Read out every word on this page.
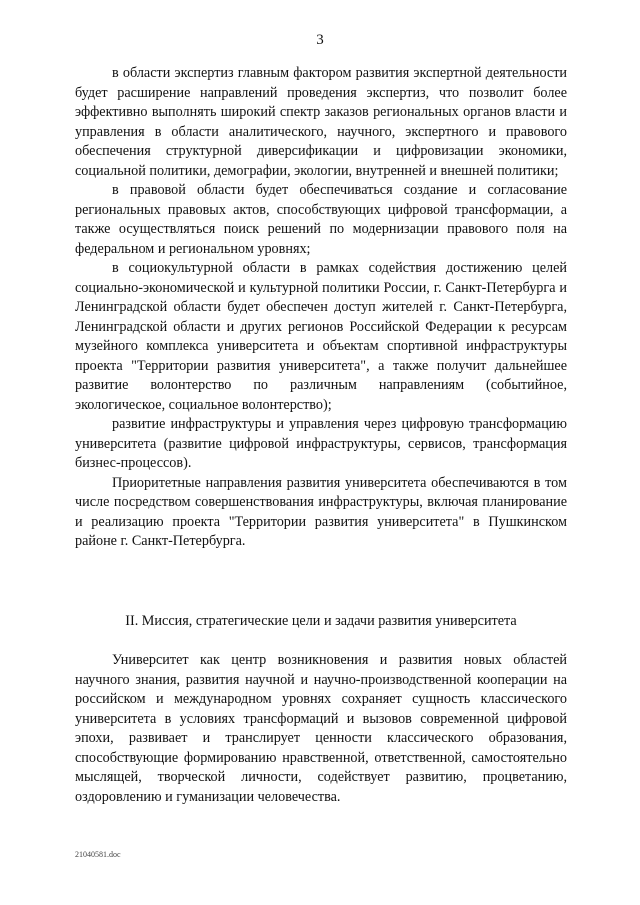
3

в области экспертиз главным фактором развития экспертной деятельности будет расширение направлений проведения экспертиз, что позволит более эффективно выполнять широкий спектр заказов региональных органов власти и управления в области аналитического, научного, экспертного и правового обеспечения структурной диверсификации и цифровизации экономики, социальной политики, демографии, экологии, внутренней и внешней политики;

в правовой области будет обеспечиваться создание и согласование региональных правовых актов, способствующих цифровой трансформации, а также осуществляться поиск решений по модернизации правового поля на федеральном и региональном уровнях;

в социокультурной области в рамках содействия достижению целей социально-экономической и культурной политики России, г. Санкт-Петербурга и Ленинградской области будет обеспечен доступ жителей г. Санкт-Петербурга, Ленинградской области и других регионов Российской Федерации к ресурсам музейного комплекса университета и объектам спортивной инфраструктуры проекта "Территории развития университета", а также получит дальнейшее развитие волонтерство по различным направлениям (событийное, экологическое, социальное волонтерство);

развитие инфраструктуры и управления через цифровую трансформацию университета (развитие цифровой инфраструктуры, сервисов, трансформация бизнес-процессов).

Приоритетные направления развития университета обеспечиваются в том числе посредством совершенствования инфраструктуры, включая планирование и реализацию проекта "Территории развития университета" в Пушкинском районе г. Санкт-Петербурга.

II. Миссия, стратегические цели и задачи развития университета

Университет как центр возникновения и развития новых областей научного знания, развития научной и научно-производственной кооперации на российском и международном уровнях сохраняет сущность классического университета в условиях трансформаций и вызовов современной цифровой эпохи, развивает и транслирует ценности классического образования, способствующие формированию нравственной, ответственной, самостоятельно мыслящей, творческой личности, содействует развитию, процветанию, оздоровлению и гуманизации человечества.

21040581.doc
